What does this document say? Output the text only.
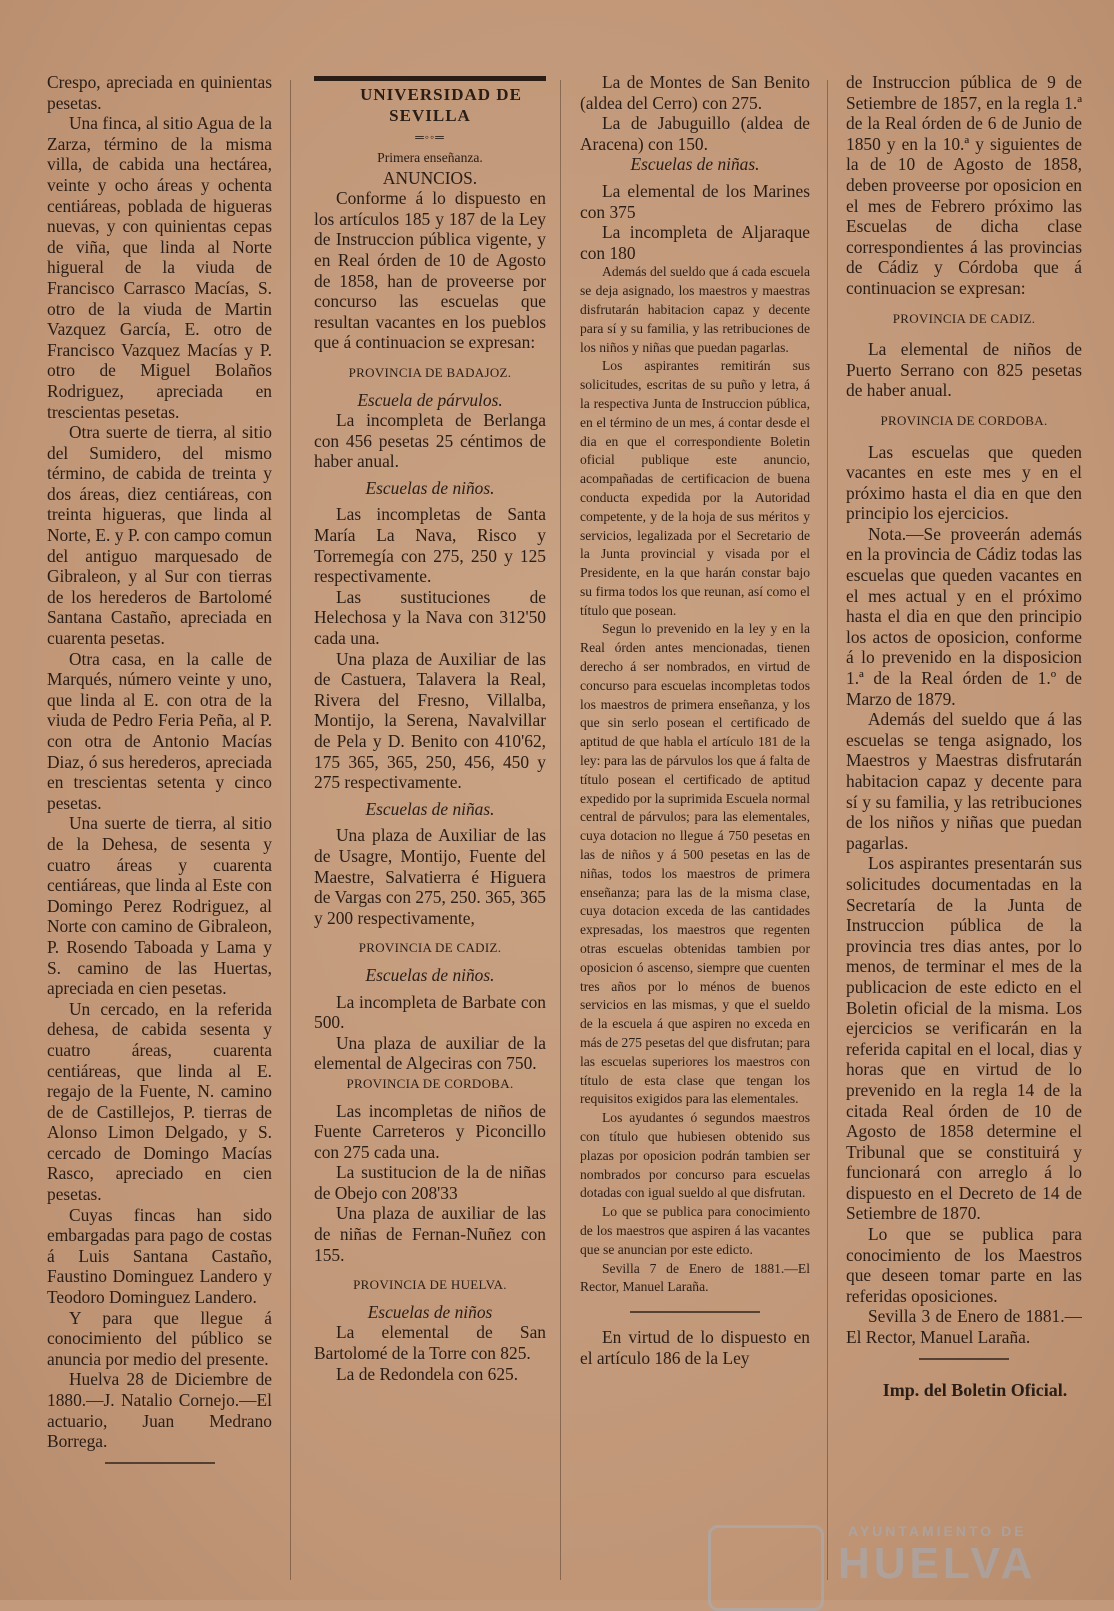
Crespo, apreciada en quinientas pesetas.

Una finca, al sitio Agua de la Zarza, término de la misma villa, de cabida una hectárea, veinte y ocho áreas y ochenta centiáreas, poblada de higueras nuevas, y con quinientas cepas de viña, que linda al Norte higueral de la viuda de Francisco Carrasco Macías, S. otro de la viuda de Martin Vazquez García, E. otro de Francisco Vazquez Macías y P. otro de Miguel Bolaños Rodriguez, apreciada en trescientas pesetas.

Otra suerte de tierra, al sitio del Sumidero, del mismo término, de cabida de treinta y dos áreas, diez centiáreas, con treinta higueras, que linda al Norte, E. y P. con campo comun del antiguo marquesado de Gibraleon, y al Sur con tierras de los herederos de Bartolomé Santana Castaño, apreciada en cuarenta pesetas.

Otra casa, en la calle de Marqués, número veinte y uno, que linda al E. con otra de la viuda de Pedro Feria Peña, al P. con otra de Antonio Macías Diaz, ó sus herederos, apreciada en trescientas setenta y cinco pesetas.

Una suerte de tierra, al sitio de la Dehesa, de sesenta y cuatro áreas y cuarenta centiáreas, que linda al Este con Domingo Perez Rodriguez, al Norte con camino de Gibraleon, P. Rosendo Taboada y Lama y S. camino de las Huertas, apreciada en cien pesetas.

Un cercado, en la referida dehesa, de cabida sesenta y cuatro áreas, cuarenta centiáreas, que linda al E. regajo de la Fuente, N. camino de de Castillejos, P. tierras de Alonso Limon Delgado, y S. cercado de Domingo Macías Rasco, apreciado en cien pesetas.

Cuyas fincas han sido embargadas para pago de costas á Luis Santana Castaño, Faustino Dominguez Landero y Teodoro Dominguez Landero.

Y para que llegue á conocimiento del público se anuncia por medio del presente.

Huelva 28 de Diciembre de 1880.—J. Natalio Cornejo.—El actuario, Juan Medrano Borrega.

UNIVERSIDAD DE SEVILLA

═◦◦═

Primera enseñanza.

ANUNCIOS.

Conforme á lo dispuesto en los artículos 185 y 187 de la Ley de Instruccion pública vigente, y en Real órden de 10 de Agosto de 1858, han de proveerse por concurso las escuelas que resultan vacantes en los pueblos que á continuacion se expresan:

PROVINCIA DE BADAJOZ.

Escuela de párvulos.

La incompleta de Berlanga con 456 pesetas 25 céntimos de haber anual.

Escuelas de niños.

Las incompletas de Santa María La Nava, Risco y Torremegía con 275, 250 y 125 respectivamente.

Las sustituciones de Helechosa y la Nava con 312'50 cada una.

Una plaza de Auxiliar de las de Castuera, Talavera la Real, Rivera del Fresno, Villalba, Montijo, la Serena, Navalvillar de Pela y D. Benito con 410'62, 175 365, 365, 250, 456, 450 y 275 respectivamente.

Escuelas de niñas.

Una plaza de Auxiliar de las de Usagre, Montijo, Fuente del Maestre, Salvatierra é Higuera de Vargas con 275, 250. 365, 365 y 200 respectivamente,

PROVINCIA DE CADIZ.

Escuelas de niños.

La incompleta de Barbate con 500.

Una plaza de auxiliar de la elemental de Algeciras con 750.

PROVINCIA DE CORDOBA.

Las incompletas de niños de Fuente Carreteros y Piconcillo con 275 cada una.

La sustitucion de la de niñas de Obejo con 208'33

Una plaza de auxiliar de las de niñas de Fernan-Nuñez con 155.

PROVINCIA DE HUELVA.

Escuelas de niños

La elemental de San Bartolomé de la Torre con 825.

La de Redondela con 625.

La de Montes de San Benito (aldea del Cerro) con 275.

La de Jabuguillo (aldea de Aracena) con 150.

Escuelas de niñas.

La elemental de los Marines con 375

La incompleta de Aljaraque con 180

Además del sueldo que á cada escuela se deja asignado, los maestros y maestras disfrutarán habitacion capaz y decente para sí y su familia, y las retribuciones de los niños y niñas que puedan pagarlas.

Los aspirantes remitirán sus solicitudes, escritas de su puño y letra, á la respectiva Junta de Instruccion pública, en el término de un mes, á contar desde el dia en que el correspondiente Boletin oficial publique este anuncio, acompañadas de certificacion de buena conducta expedida por la Autoridad competente, y de la hoja de sus méritos y servicios, legalizada por el Secretario de la Junta provincial y visada por el Presidente, en la que harán constar bajo su firma todos los que reunan, así como el título que posean.

Segun lo prevenido en la ley y en la Real órden antes mencionadas, tienen derecho á ser nombrados, en virtud de concurso para escuelas incompletas todos los maestros de primera enseñanza, y los que sin serlo posean el certificado de aptitud de que habla el artículo 181 de la ley: para las de párvulos los que á falta de título posean el certificado de aptitud expedido por la suprimida Escuela normal central de párvulos; para las elementales, cuya dotacion no llegue á 750 pesetas en las de niños y á 500 pesetas en las de niñas, todos los maestros de primera enseñanza; para las de la misma clase, cuya dotacion exceda de las cantidades expresadas, los maestros que regenten otras escuelas obtenidas tambien por oposicion ó ascenso, siempre que cuenten tres años por lo ménos de buenos servicios en las mismas, y que el sueldo de la escuela á que aspiren no exceda en más de 275 pesetas del que disfrutan; para las escuelas superiores los maestros con título de esta clase que tengan los requisitos exigidos para las elementales.

Los ayudantes ó segundos maestros con título que hubiesen obtenido sus plazas por oposicion podrán tambien ser nombrados por concurso para escuelas dotadas con igual sueldo al que disfrutan.

Lo que se publica para conocimiento de los maestros que aspiren á las vacantes que se anuncian por este edicto.

Sevilla 7 de Enero de 1881.—El Rector, Manuel Laraña.

En virtud de lo dispuesto en el artículo 186 de la Ley

de Instruccion pública de 9 de Setiembre de 1857, en la regla 1.ª de la Real órden de 6 de Junio de 1850 y en la 10.ª y siguientes de la de 10 de Agosto de 1858, deben proveerse por oposicion en el mes de Febrero próximo las Escuelas de dicha clase correspondientes á las provincias de Cádiz y Córdoba que á continuacion se expresan:

PROVINCIA DE CADIZ.

La elemental de niños de Puerto Serrano con 825 pesetas de haber anual.

PROVINCIA DE CORDOBA.

Las escuelas que queden vacantes en este mes y en el próximo hasta el dia en que den principio los ejercicios.

Nota.—Se proveerán además en la provincia de Cádiz todas las escuelas que queden vacantes en el mes actual y en el próximo hasta el dia en que den principio los actos de oposicion, conforme á lo prevenido en la disposicion 1.ª de la Real órden de 1.º de Marzo de 1879.

Además del sueldo que á las escuelas se tenga asignado, los Maestros y Maestras disfrutarán habitacion capaz y decente para sí y su familia, y las retribuciones de los niños y niñas que puedan pagarlas.

Los aspirantes presentarán sus solicitudes documentadas en la Secretaría de la Junta de Instruccion pública de la provincia tres dias antes, por lo menos, de terminar el mes de la publicacion de este edicto en el Boletin oficial de la misma. Los ejercicios se verificarán en la referida capital en el local, dias y horas que en virtud de lo prevenido en la regla 14 de la citada Real órden de 10 de Agosto de 1858 determine el Tribunal que se constituirá y funcionará con arreglo á lo dispuesto en el Decreto de 14 de Setiembre de 1870.

Lo que se publica para conocimiento de los Maestros que deseen tomar parte en las referidas oposiciones.

Sevilla 3 de Enero de 1881.—El Rector, Manuel Laraña.

Imp. del Boletin Oficial.

AYUNTAMIENTO DE
HUELVA
